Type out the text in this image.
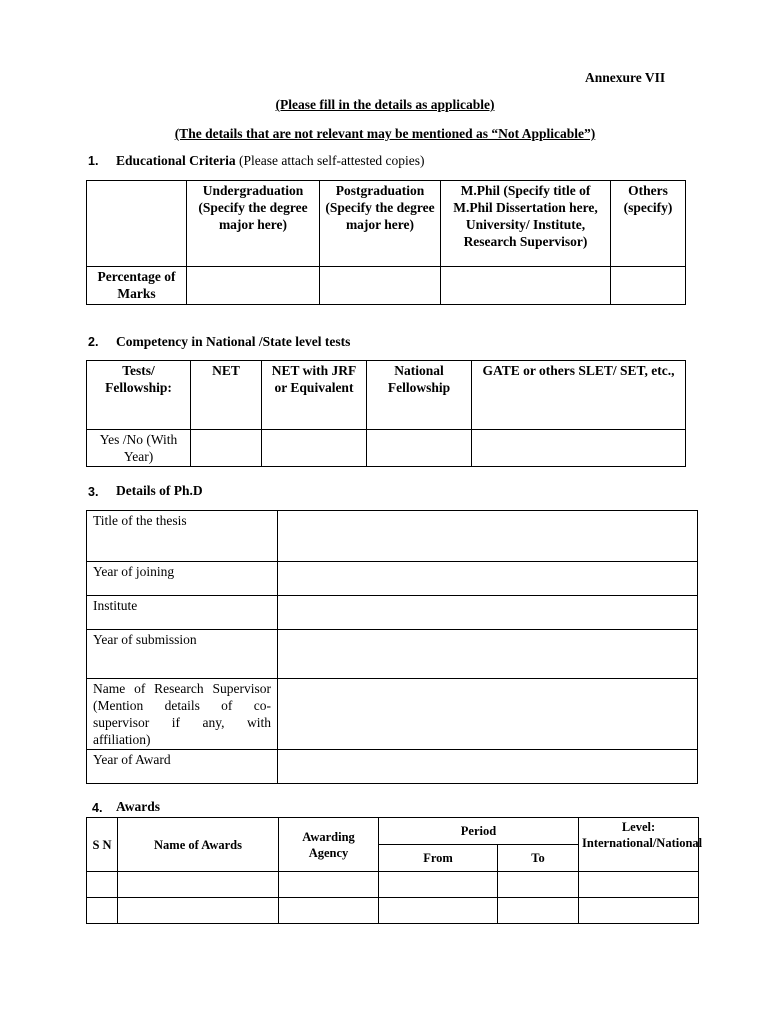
Annexure VII
(Please fill in the details as applicable)
(The details that are not relevant may be mentioned as “Not Applicable”)
1. Educational Criteria (Please attach self-attested copies)
	Undergraduation (Specify the degree major here)	Postgraduation (Specify the degree major here)	M.Phil (Specify title of M.Phil Dissertation here, University/ Institute, Research Supervisor)	Others (specify)
Percentage of Marks				
2. Competency in National /State level tests
Tests/ Fellowship:	NET	NET with JRF or Equivalent	National Fellowship	GATE or others SLET/ SET, etc.,
Yes /No (With Year)				
3. Details of Ph.D
Title of the thesis	
Year of joining	
Institute	
Year of submission	
Name of Research Supervisor (Mention details of co-supervisor if any, with affiliation)	
Year of Award	
4. Awards
S N	Name of Awards	Awarding Agency	Period		Level: International/National
			From	To	
